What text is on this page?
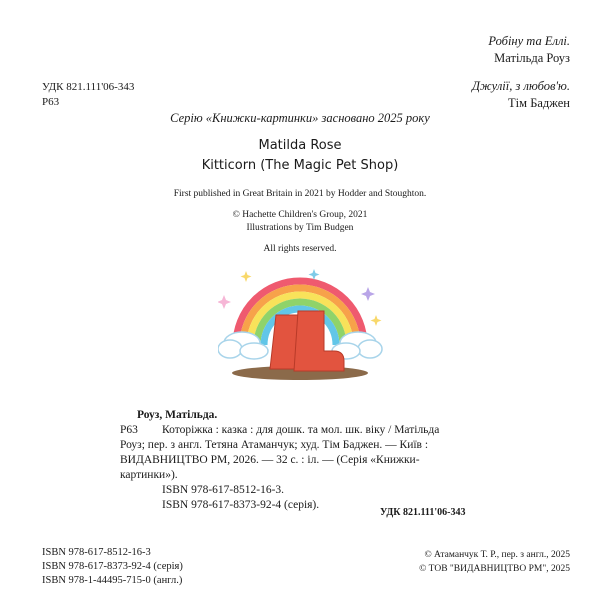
Робіну та Еллі.
Матільда Роуз
Джулії, з любов'ю.
Тім Баджен
УДК 821.111'06-343
Р63
Серію «Книжки-картинки» засновано 2025 року
Matilda Rose
Kitticorn (The Magic Pet Shop)
First published in Great Britain in 2021 by Hodder and Stoughton.
© Hachette Children's Group, 2021
Illustrations by Tim Budgen
All rights reserved.
Роуз, Матільда.
Р63	Которіжка : казка : для дошк. та мол. шк. віку / Матільда
Роуз; пер. з англ. Тетяна Атаманчук; худ. Тім Баджен. — Київ :
ВИДАВНИЦТВО РМ, 2026. — 32 с. : іл. — (Серія «Книжки-
картинки»).
ISBN 978-617-8512-16-3.
ISBN 978-617-8373-92-4 (серія).
УДК 821.111'06-343
ISBN 978-617-8512-16-3
ISBN 978-617-8373-92-4 (серія)
ISBN 978-1-44495-715-0 (англ.)
© Атаманчук Т. Р., пер. з англ., 2025
© ТОВ "ВИДАВНИЦТВО РМ", 2025
